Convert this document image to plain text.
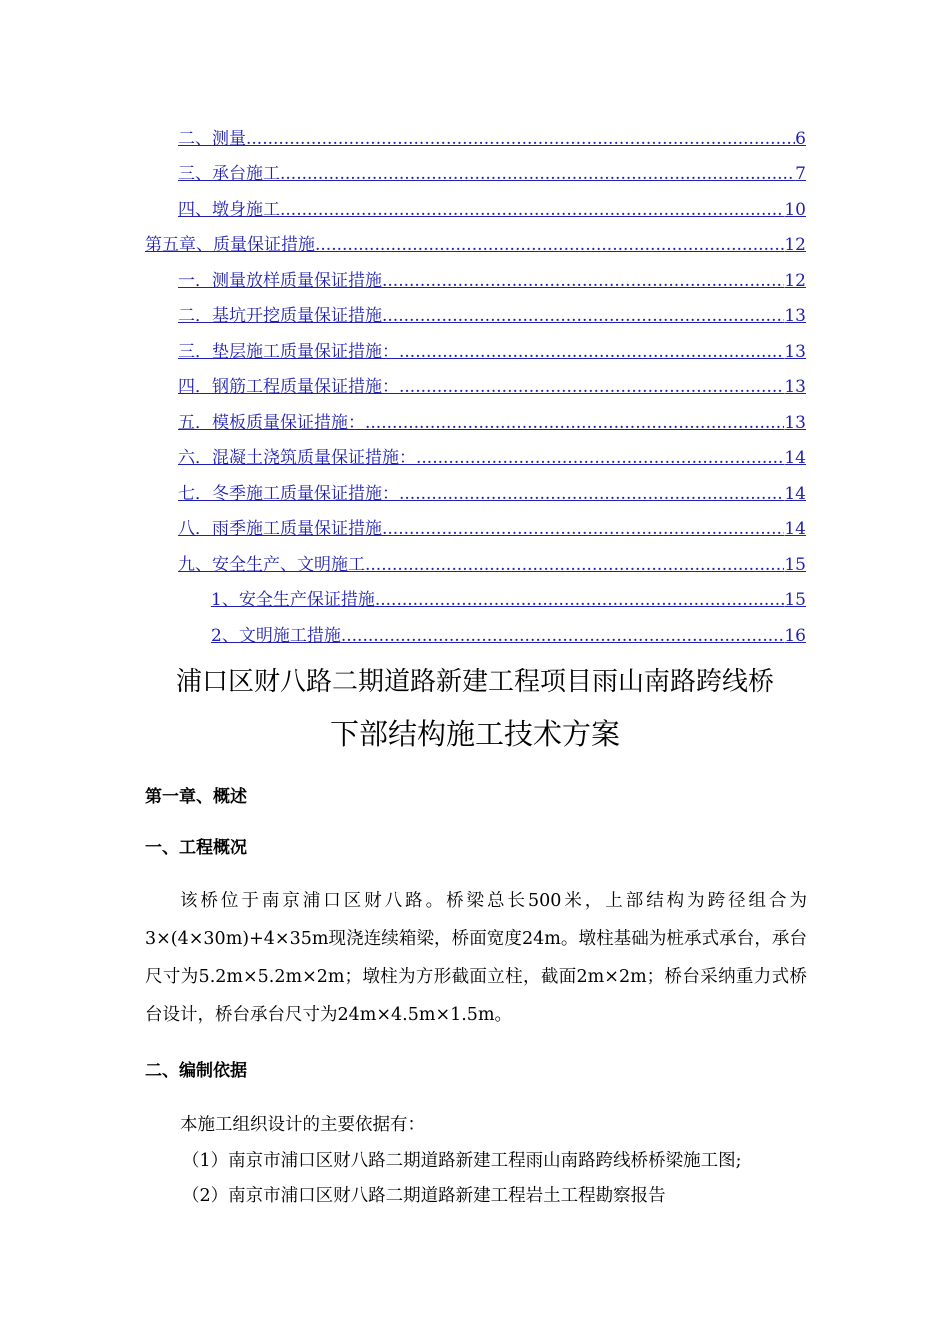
二、测量 .....	6
三、承台施工 .....	7
四、墩身施工 .....	10
第五章、质量保证措施 .....	12
一．测量放样质量保证措施 .....	12
二．基坑开挖质量保证措施 .....	13
三．垫层施工质量保证措施： .....	13
四．钢筋工程质量保证措施： .....	13
五．模板质量保证措施： .....	13
六．混凝土浇筑质量保证措施： .....	14
七．冬季施工质量保证措施： .....	14
八．雨季施工质量保证措施 .....	14
九、安全生产、文明施工 .....	15
1、安全生产保证措施 .....	15
2、文明施工措施 .....	16
浦口区财八路二期道路新建工程项目雨山南路跨线桥
下部结构施工技术方案
第一章、概述
一、工程概况
该桥位于南京浦口区财八路。桥梁总长500米，上部结构为跨径组合为3×(4×30m)+4×35m现浇连续箱梁，桥面宽度24m。墩柱基础为桩承式承台，承台尺寸为5.2m×5.2m×2m；墩柱为方形截面立柱，截面2m×2m；桥台采纳重力式桥台设计，桥台承台尺寸为24m×4.5m×1.5m。
二、编制依据
本施工组织设计的主要依据有：
（1）南京市浦口区财八路二期道路新建工程雨山南路跨线桥桥梁施工图;
（2）南京市浦口区财八路二期道路新建工程岩土工程勘察报告
